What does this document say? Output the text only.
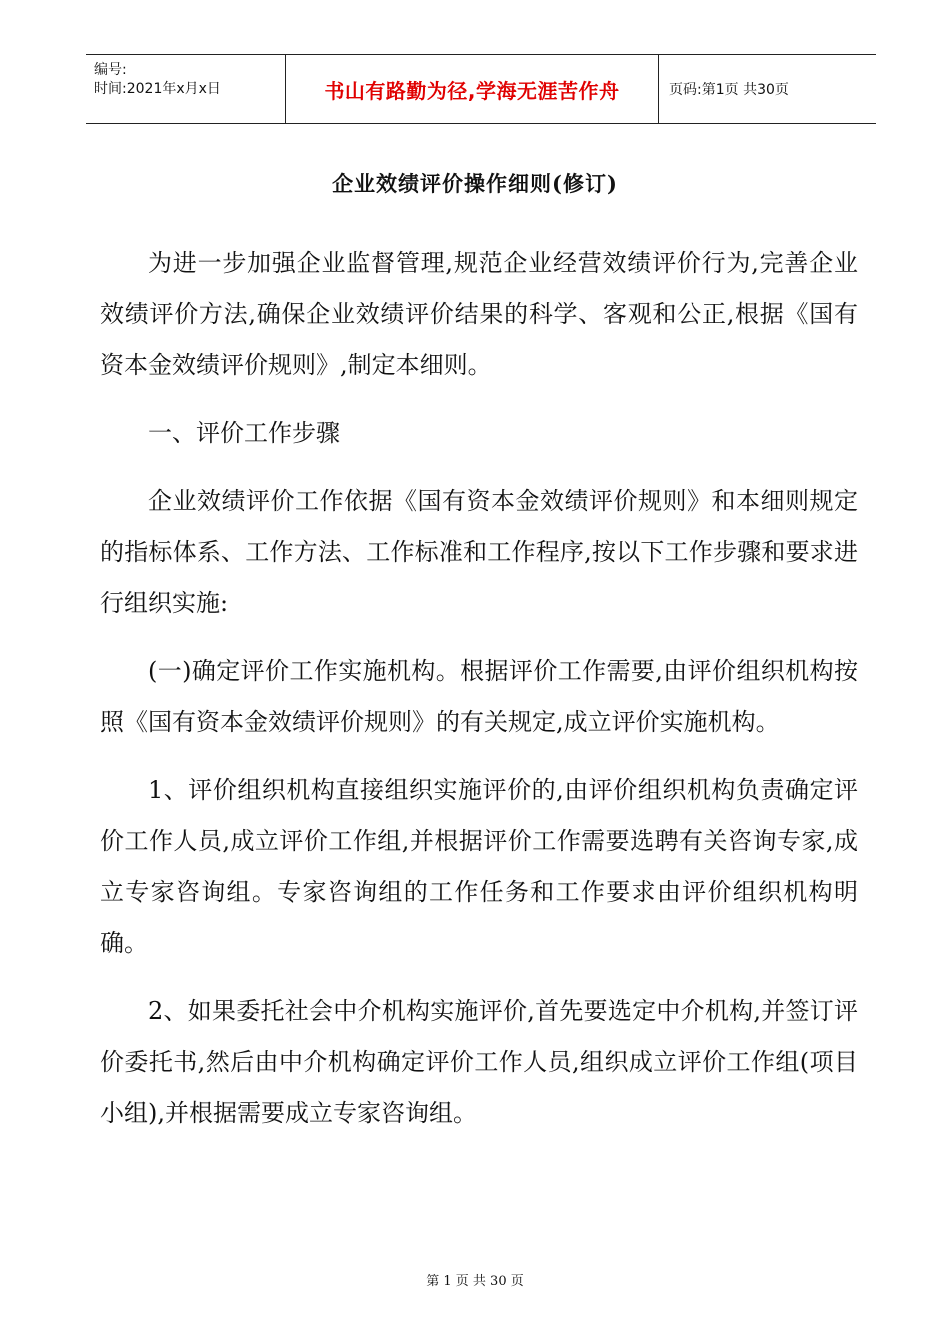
编号:
时间:2021年x月x日	书山有路勤为径,学海无涯苦作舟	页码:第1页 共30页
企业效绩评价操作细则(修订)

为进一步加强企业监督管理,规范企业经营效绩评价行为,完善企业效绩评价方法,确保企业效绩评价结果的科学、客观和公正,根据《国有资本金效绩评价规则》,制定本细则。

一、评价工作步骤

企业效绩评价工作依据《国有资本金效绩评价规则》和本细则规定的指标体系、工作方法、工作标准和工作程序,按以下工作步骤和要求进行组织实施:

(一)确定评价工作实施机构。根据评价工作需要,由评价组织机构按照《国有资本金效绩评价规则》的有关规定,成立评价实施机构。

1、评价组织机构直接组织实施评价的,由评价组织机构负责确定评价工作人员,成立评价工作组,并根据评价工作需要选聘有关咨询专家,成立专家咨询组。专家咨询组的工作任务和工作要求由评价组织机构明确。

2、如果委托社会中介机构实施评价,首先要选定中介机构,并签订评价委托书,然后由中介机构确定评价工作人员,组织成立评价工作组(项目小组),并根据需要成立专家咨询组。

第 1 页 共 30 页
